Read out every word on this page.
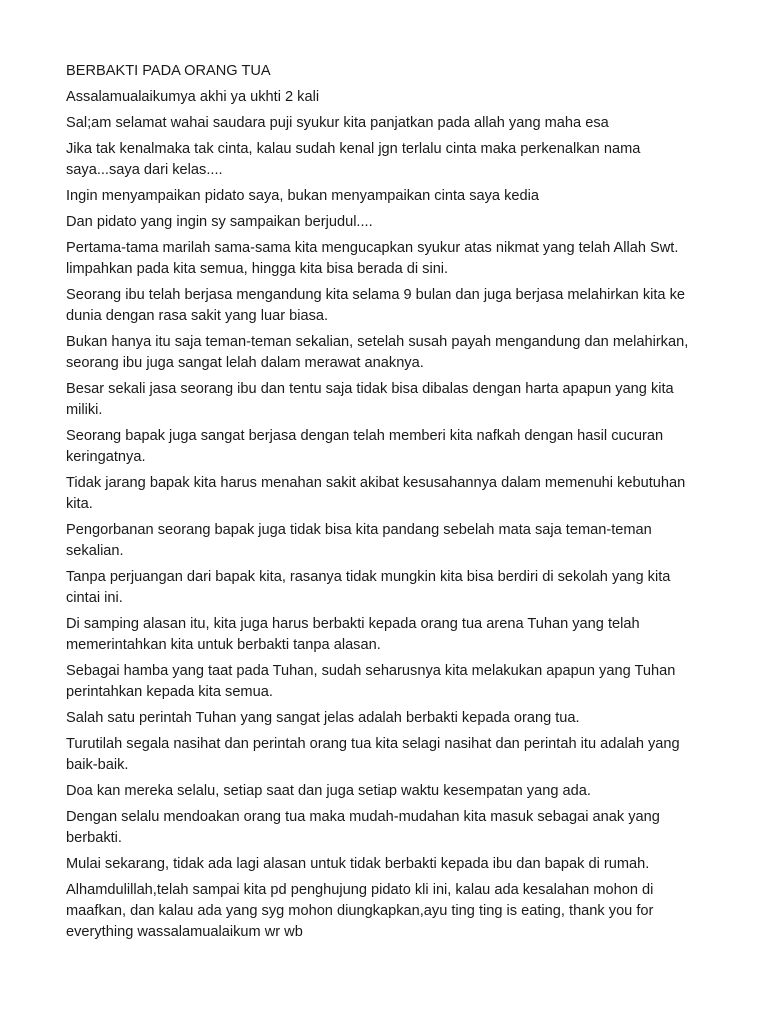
BERBAKTI PADA ORANG TUA
Assalamualaikumya akhi ya ukhti 2 kali
Sal;am selamat wahai saudara puji syukur kita panjatkan pada allah yang maha esa
Jika tak kenalmaka tak cinta, kalau sudah kenal jgn terlalu cinta maka perkenalkan nama saya...saya dari kelas....
Ingin menyampaikan pidato saya, bukan menyampaikan cinta saya kedia
Dan pidato yang ingin sy sampaikan berjudul....
Pertama-tama marilah sama-sama kita mengucapkan syukur atas nikmat yang telah Allah Swt. limpahkan pada kita semua, hingga kita bisa berada di sini.
Seorang ibu telah berjasa mengandung kita selama 9 bulan dan juga berjasa melahirkan kita ke dunia dengan rasa sakit yang luar biasa.
Bukan hanya itu saja teman-teman sekalian, setelah susah payah mengandung dan melahirkan, seorang ibu juga sangat lelah dalam merawat anaknya.
Besar sekali jasa seorang ibu dan tentu saja tidak bisa dibalas dengan harta apapun yang kita miliki.
Seorang bapak juga sangat berjasa dengan telah memberi kita nafkah dengan hasil cucuran keringatnya.
Tidak jarang bapak kita harus menahan sakit akibat kesusahannya dalam memenuhi kebutuhan kita.
Pengorbanan seorang bapak juga tidak bisa kita pandang sebelah mata saja teman-teman sekalian.
Tanpa perjuangan dari bapak kita, rasanya tidak mungkin kita bisa berdiri di sekolah yang kita cintai ini.
Di samping alasan itu, kita juga harus berbakti kepada orang tua arena Tuhan yang telah memerintahkan kita untuk berbakti tanpa alasan.
Sebagai hamba yang taat pada Tuhan, sudah seharusnya kita melakukan apapun yang Tuhan perintahkan kepada kita semua.
Salah satu perintah Tuhan yang sangat jelas adalah berbakti kepada orang tua.
Turutilah segala nasihat dan perintah orang tua kita selagi nasihat dan perintah itu adalah yang baik-baik.
Doa kan mereka selalu, setiap saat dan juga setiap waktu kesempatan yang ada.
Dengan selalu mendoakan orang tua maka mudah-mudahan kita masuk sebagai anak yang berbakti.
Mulai sekarang, tidak ada lagi alasan untuk tidak berbakti kepada ibu dan bapak di rumah.
Alhamdulillah,telah sampai kita pd penghujung pidato kli ini, kalau ada kesalahan mohon di maafkan, dan kalau ada yang syg mohon diungkapkan,ayu ting ting is eating, thank you for everything wassalamualaikum wr wb
